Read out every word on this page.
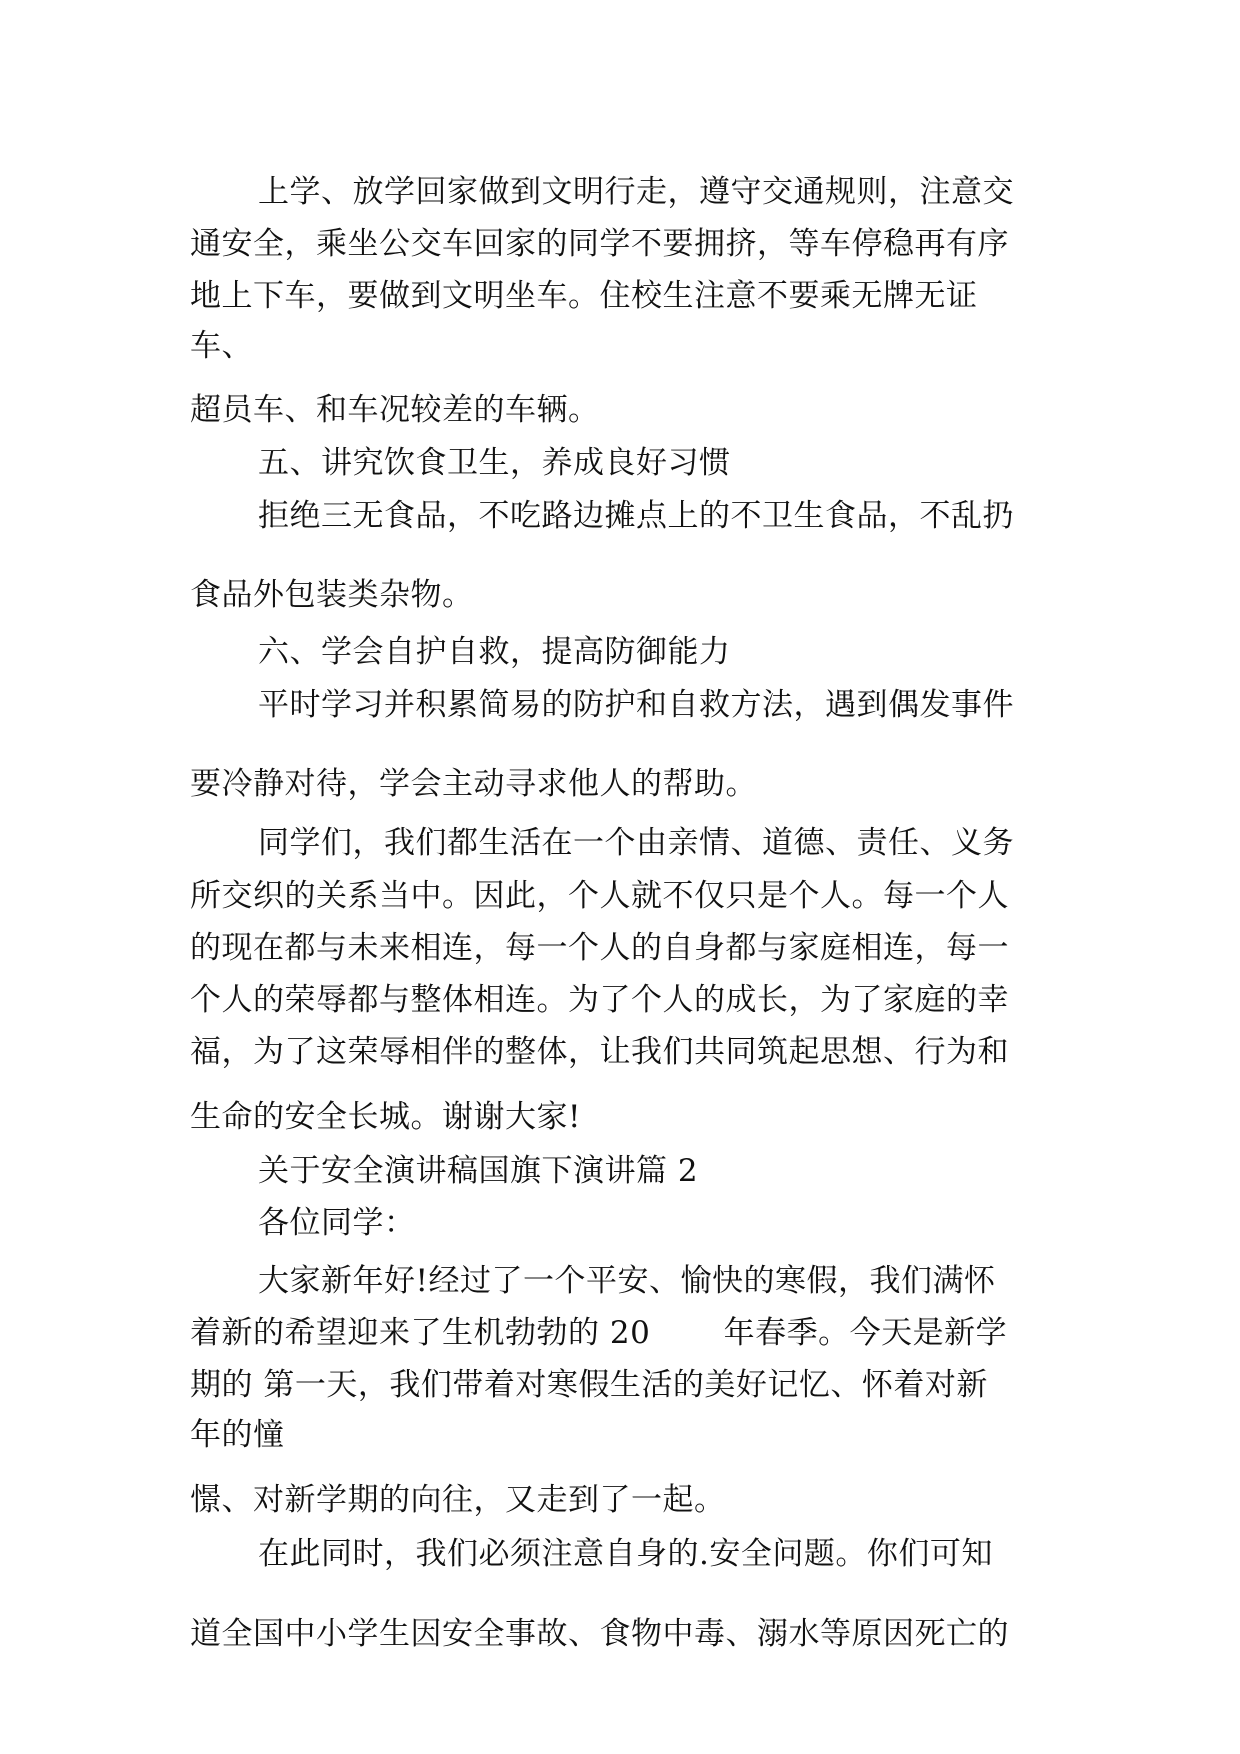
上学、放学回家做到文明行走，遵守交通规则，注意交
通安全，乘坐公交车回家的同学不要拥挤，等车停稳再有序
地上下车，要做到文明坐车。住校生注意不要乘无牌无证
车、
超员车、和车况较差的车辆。
五、讲究饮食卫生，养成良好习惯
拒绝三无食品，不吃路边摊点上的不卫生食品，不乱扔
食品外包装类杂物。
六、学会自护自救，提高防御能力
平时学习并积累简易的防护和自救方法，遇到偶发事件
要冷静对待，学会主动寻求他人的帮助。
同学们，我们都生活在一个由亲情、道德、责任、义务
所交织的关系当中。因此，个人就不仅只是个人。每一个人
的现在都与未来相连，每一个人的自身都与家庭相连，每一
个人的荣辱都与整体相连。为了个人的成长，为了家庭的幸
福，为了这荣辱相伴的整体，让我们共同筑起思想、行为和
生命的安全长城。谢谢大家!
关于安全演讲稿国旗下演讲篇 2
各位同学：
大家新年好!经过了一个平安、愉快的寒假，我们满怀
着新的希望迎来了生机勃勃的 20　　 年春季。今天是新学
期的 第一天，我们带着对寒假生活的美好记忆、怀着对新
年的憧
憬、对新学期的向往，又走到了一起。
在此同时，我们必须注意自身的.安全问题。你们可知
道全国中小学生因安全事故、食物中毒、溺水等原因死亡的
